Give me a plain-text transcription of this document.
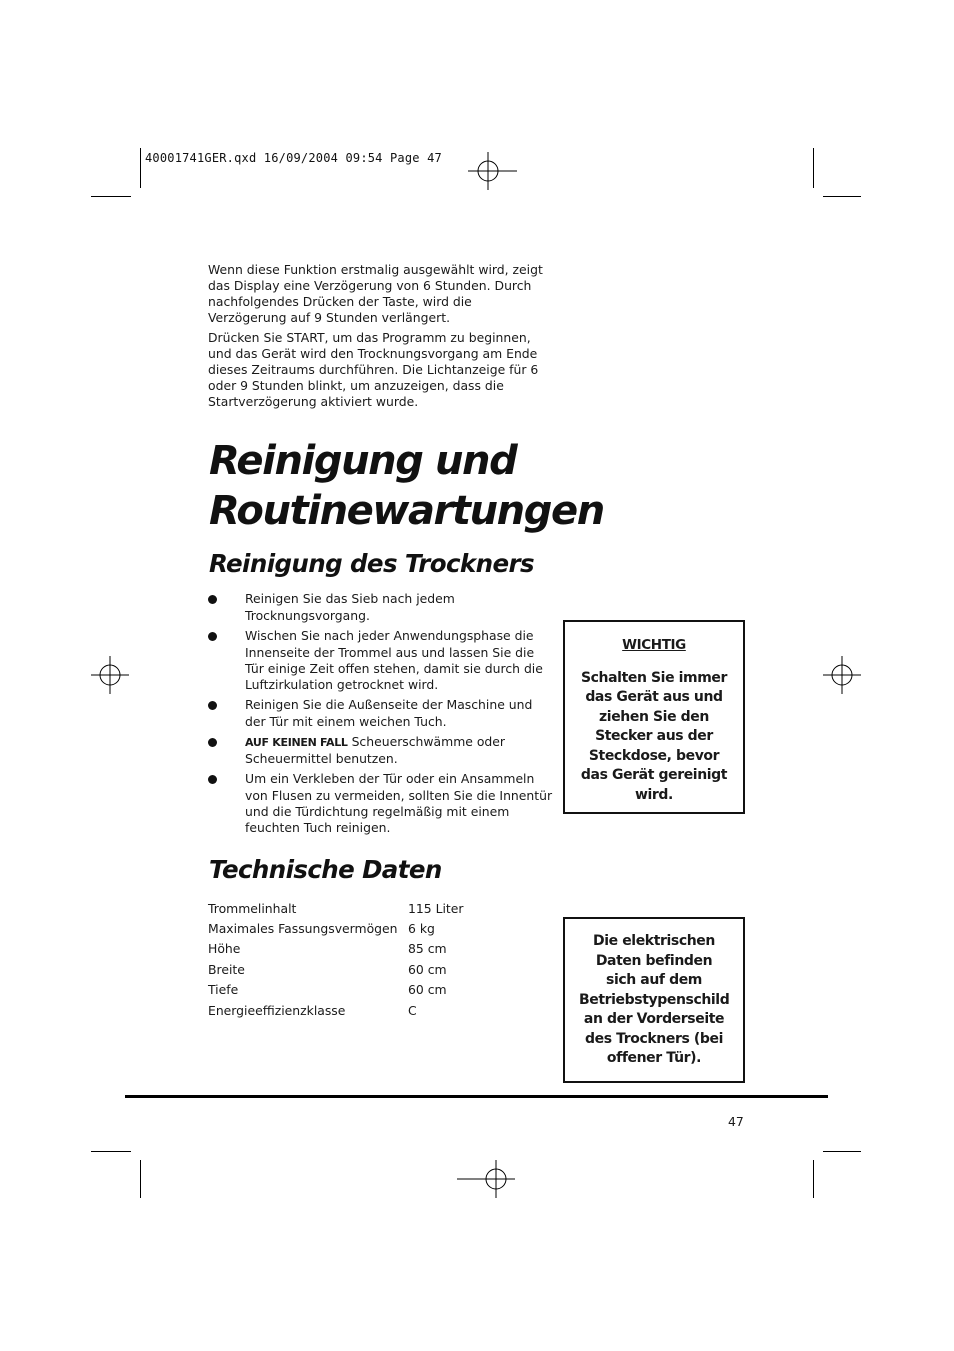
40001741GER.qxd 16/09/2004 09:54 Page 47

Wenn diese Funktion erstmalig ausgewählt wird, zeigt das Display eine Verzögerung von 6 Stunden. Durch nachfolgendes Drücken der Taste, wird die Verzögerung auf 9 Stunden verlängert.

Drücken Sie START, um das Programm zu beginnen, und das Gerät wird den Trocknungsvorgang am Ende dieses Zeitraums durchführen. Die Lichtanzeige für 6 oder 9 Stunden blinkt, um anzuzeigen, dass die Startverzögerung aktiviert wurde.

Reinigung und
Routinewartungen
Reinigung des Trockners
Reinigen Sie das Sieb nach jedem Trocknungsvorgang.
Wischen Sie nach jeder Anwendungsphase die Innenseite der Trommel aus und lassen Sie die Tür einige Zeit offen stehen, damit sie durch die Luftzirkulation getrocknet wird.
Reinigen Sie die Außenseite der Maschine und der Tür mit einem weichen Tuch.
AUF KEINEN FALL Scheuerschwämme oder Scheuermittel benutzen.
Um ein Verkleben der Tür oder ein Ansammeln von Flusen zu vermeiden, sollten Sie die Innentür und die Türdichtung regelmäßig mit einem feuchten Tuch reinigen.
WICHTIG
Schalten Sie immer das Gerät aus und ziehen Sie den Stecker aus der Steckdose, bevor das Gerät gereinigt wird.
Technische Daten
Trommelinhalt	115 Liter
Maximales Fassungsvermögen	6 kg
Höhe	85 cm
Breite	60 cm
Tiefe	60 cm
Energieeffizienzklasse	C
Die elektrischen Daten befinden sich auf dem Betriebstypenschild an der Vorderseite des Trockners (bei offener Tür).
47
